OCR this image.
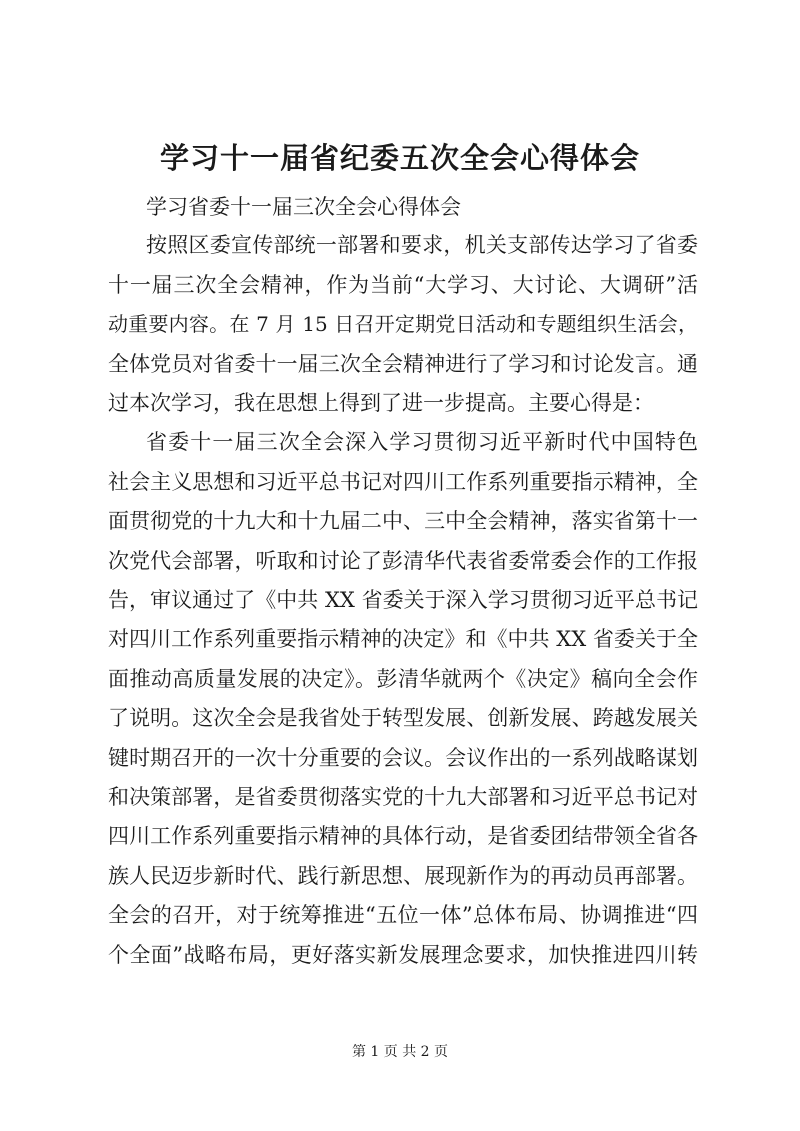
学习十一届省纪委五次全会心得体会

学习省委十一届三次全会心得体会

按照区委宣传部统一部署和要求，机关支部传达学习了省委

十一届三次全会精神，作为当前“大学习、大讨论、大调研”活

动重要内容。在 7 月 15 日召开定期党日活动和专题组织生活会，

全体党员对省委十一届三次全会精神进行了学习和讨论发言。通

过本次学习，我在思想上得到了进一步提高。主要心得是：

省委十一届三次全会深入学习贯彻习近平新时代中国特色

社会主义思想和习近平总书记对四川工作系列重要指示精神，全

面贯彻党的十九大和十九届二中、三中全会精神，落实省第十一

次党代会部署，听取和讨论了彭清华代表省委常委会作的工作报

告，审议通过了《中共 XX 省委关于深入学习贯彻习近平总书记

对四川工作系列重要指示精神的决定》和《中共 XX 省委关于全

面推动高质量发展的决定》。彭清华就两个《决定》稿向全会作

了说明。这次全会是我省处于转型发展、创新发展、跨越发展关

键时期召开的一次十分重要的会议。会议作出的一系列战略谋划

和决策部署，是省委贯彻落实党的十九大部署和习近平总书记对

四川工作系列重要指示精神的具体行动，是省委团结带领全省各

族人民迈步新时代、践行新思想、展现新作为的再动员再部署。

全会的召开，对于统筹推进“五位一体”总体布局、协调推进“四

个全面”战略布局，更好落实新发展理念要求，加快推进四川转

第 1 页 共 2 页
